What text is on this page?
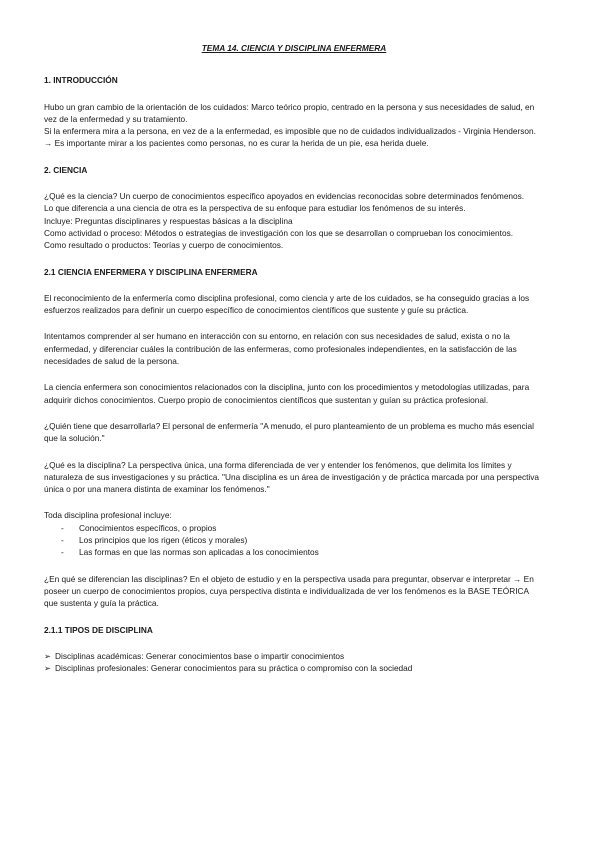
TEMA 14. CIENCIA Y DISCIPLINA ENFERMERA
1. INTRODUCCIÓN

Hubo un gran cambio de la orientación de los cuidados: Marco teórico propio, centrado en la persona y sus necesidades de salud, en vez de la enfermedad y su tratamiento.

Si la enfermera mira a la persona, en vez de a la enfermedad, es imposible que no de cuidados individualizados - Virginia Henderson. → Es importante mirar a los pacientes como personas, no es curar la herida de un pie, esa herida duele.

2. CIENCIA

¿Qué es la ciencia? Un cuerpo de conocimientos específico apoyados en evidencias reconocidas sobre determinados fenómenos.

Lo que diferencia a una ciencia de otra es la perspectiva de su enfoque para estudiar los fenómenos de su interés.

Incluye: Preguntas disciplinares y respuestas básicas a la disciplina

Como actividad o proceso: Métodos o estrategias de investigación con los que se desarrollan o comprueban los conocimientos.

Como resultado o productos: Teorías y cuerpo de conocimientos.

2.1 CIENCIA ENFERMERA Y DISCIPLINA ENFERMERA

El reconocimiento de la enfermería como disciplina profesional, como ciencia y arte de los cuidados, se ha conseguido gracias a los esfuerzos realizados para definir un cuerpo específico de conocimientos científicos que sustente y guíe su práctica.

Intentamos comprender al ser humano en interacción con su entorno, en relación con sus necesidades de salud, exista o no la enfermedad, y diferenciar cuáles la contribución de las enfermeras, como profesionales independientes, en la satisfacción de las necesidades de salud de la persona.

La ciencia enfermera son conocimientos relacionados con la disciplina, junto con los procedimientos y metodologías utilizadas, para adquirir dichos conocimientos. Cuerpo propio de conocimientos científicos que sustentan y guían su práctica profesional.

¿Quién tiene que desarrollarla? El personal de enfermería "A menudo, el puro planteamiento de un problema es mucho más esencial que la solución."

¿Qué es la disciplina? La perspectiva única, una forma diferenciada de ver y entender los fenómenos, que delimita los límites y naturaleza de sus investigaciones y su práctica. "Una disciplina es un área de investigación y de práctica marcada por una perspectiva única o por una manera distinta de examinar los fenómenos."

Toda disciplina profesional incluye:

- Conocimientos específicos, o propios
- Los principios que los rigen (éticos y morales)
- Las formas en que las normas son aplicadas a los conocimientos

¿En qué se diferencian las disciplinas? En el objeto de estudio y en la perspectiva usada para preguntar, observar e interpretar → En poseer un cuerpo de conocimientos propios, cuya perspectiva distinta e individualizada de ver los fenómenos es la BASE TEÓRICA que sustenta y guía la práctica.

2.1.1 TIPOS DE DISCIPLINA
➢ Disciplinas académicas: Generar conocimientos base o impartir conocimientos
➢ Disciplinas profesionales: Generar conocimientos para su práctica o compromiso con la sociedad
